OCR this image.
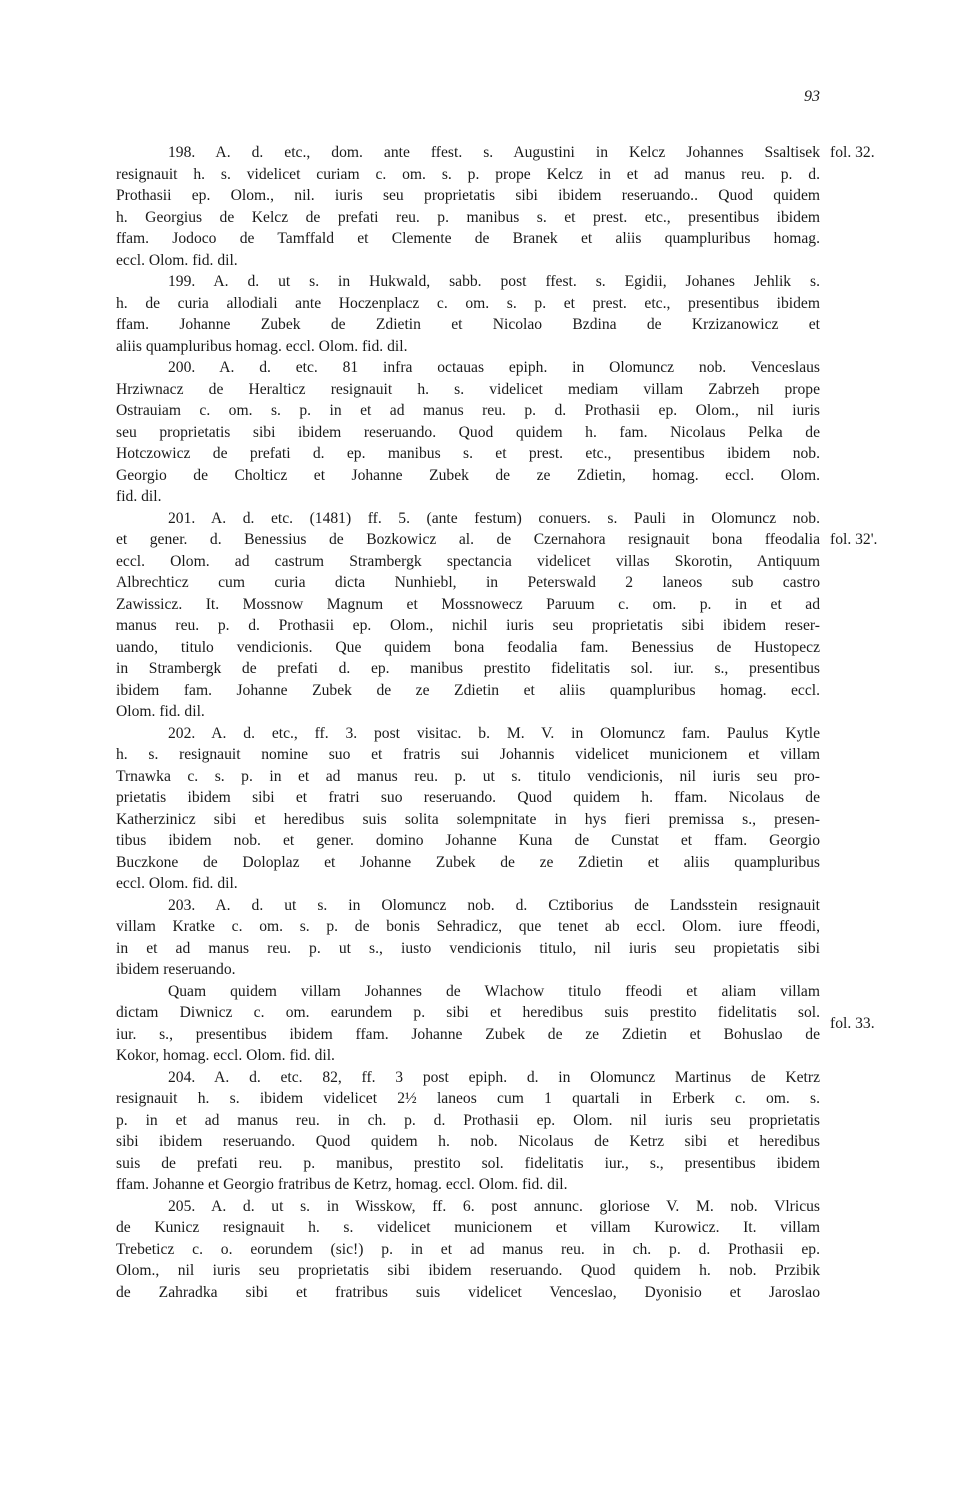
93
fol. 32.
fol. 32'.
fol. 33.
198. A. d. etc., dom. ante ffest. s. Augustini in Kelcz Johannes Ssaltisek
resignauit h. s. videlicet curiam c. om. s. p. prope Kelcz in et ad manus reu. p. d.
Prothasii ep. Olom., nil. iuris seu proprietatis sibi ibidem reseruando.. Quod quidem
h. Georgius de Kelcz de prefati reu. p. manibus s. et prest. etc., presentibus ibidem
ffam. Jodoco de Tamffald et Clemente de Branek et aliis quampluribus homag.
eccl. Olom. fid. dil.
199. A. d. ut s. in Hukwald, sabb. post ffest. s. Egidii, Johanes Jehlik s.
h. de curia allodiali ante Hoczenplacz c. om. s. p. et prest. etc., presentibus ibidem
ffam. Johanne Zubek de Zdietin et Nicolao Bzdina de Krzizanowicz et
aliis quampluribus homag. eccl. Olom. fid. dil.
200. A. d. etc. 81 infra octauas epiph. in Olomuncz nob. Venceslaus
Hrziwnacz de Heralticz resignauit h. s. videlicet mediam villam Zabrzeh prope
Ostrauiam c. om. s. p. in et ad manus reu. p. d. Prothasii ep. Olom., nil iuris
seu proprietatis sibi ibidem reseruando. Quod quidem h. fam. Nicolaus Pelka de
Hotczowicz de prefati d. ep. manibus s. et prest. etc., presentibus ibidem nob.
Georgio de Cholticz et Johanne Zubek de ze Zdietin, homag. eccl. Olom.
fid. dil.
201. A. d. etc. (1481) ff. 5. (ante festum) conuers. s. Pauli in Olomuncz nob.
et gener. d. Benessius de Bozkowicz al. de Czernahora resignauit bona ffeodalia
eccl. Olom. ad castrum Strambergk spectancia videlicet villas Skorotin, Antiquum
Albrechticz cum curia dicta Nunhiebl, in Peterswald 2 laneos sub castro
Zawissicz. It. Mossnow Magnum et Mossnowecz Paruum c. om. p. in et ad
manus reu. p. d. Prothasii ep. Olom., nichil iuris seu proprietatis sibi ibidem reser-
uando, titulo vendicionis. Que quidem bona feodalia fam. Benessius de Hustopecz
in Strambergk de prefati d. ep. manibus prestito fidelitatis sol. iur. s., presentibus
ibidem fam. Johanne Zubek de ze Zdietin et aliis quampluribus homag. eccl.
Olom. fid. dil.
202. A. d. etc., ff. 3. post visitac. b. M. V. in Olomuncz fam. Paulus Kytle
h. s. resignauit nomine suo et fratris sui Johannis videlicet municionem et villam
Trnawka c. s. p. in et ad manus reu. p. ut s. titulo vendicionis, nil iuris seu pro-
prietatis ibidem sibi et fratri suo reseruando. Quod quidem h. ffam. Nicolaus de
Katherzinicz sibi et heredibus suis solita solempnitate in hys fieri premissa s., presen-
tibus ibidem nob. et gener. domino Johanne Kuna de Cunstat et ffam. Georgio
Buczkone de Doloplaz et Johanne Zubek de ze Zdietin et aliis quampluribus
eccl. Olom. fid. dil.
203. A. d. ut s. in Olomuncz nob. d. Cztiborius de Landsstein resignauit
villam Kratke c. om. s. p. de bonis Sehradicz, que tenet ab eccl. Olom. iure ffeodi,
in et ad manus reu. p. ut s., iusto vendicionis titulo, nil iuris seu propietatis sibi
ibidem reseruando.
Quam quidem villam Johannes de Wlachow titulo ffeodi et aliam villam
dictam Diwnicz c. om. earundem p. sibi et heredibus suis prestito fidelitatis sol.
iur. s., presentibus ibidem ffam. Johanne Zubek de ze Zdietin et Bohuslao de
Kokor, homag. eccl. Olom. fid. dil.
204. A. d. etc. 82, ff. 3 post epiph. d. in Olomuncz Martinus de Ketrz
resignauit h. s. ibidem videlicet 2½ laneos cum 1 quartali in Erberk c. om. s.
p. in et ad manus reu. in ch. p. d. Prothasii ep. Olom. nil iuris seu proprietatis
sibi ibidem reseruando. Quod quidem h. nob. Nicolaus de Ketrz sibi et heredibus
suis de prefati reu. p. manibus, prestito sol. fidelitatis iur., s., presentibus ibidem
ffam. Johanne et Georgio fratribus de Ketrz, homag. eccl. Olom. fid. dil.
205. A. d. ut s. in Wisskow, ff. 6. post annunc. gloriose V. M. nob. Vlricus
de Kunicz resignauit h. s. videlicet municionem et villam Kurowicz. It. villam
Trebeticz c. o. eorundem (sic!) p. in et ad manus reu. in ch. p. d. Prothasii ep.
Olom., nil iuris seu proprietatis sibi ibidem reseruando. Quod quidem h. nob. Przibik
de Zahradka sibi et fratribus suis videlicet Venceslao, Dyonisio et Jaroslao
